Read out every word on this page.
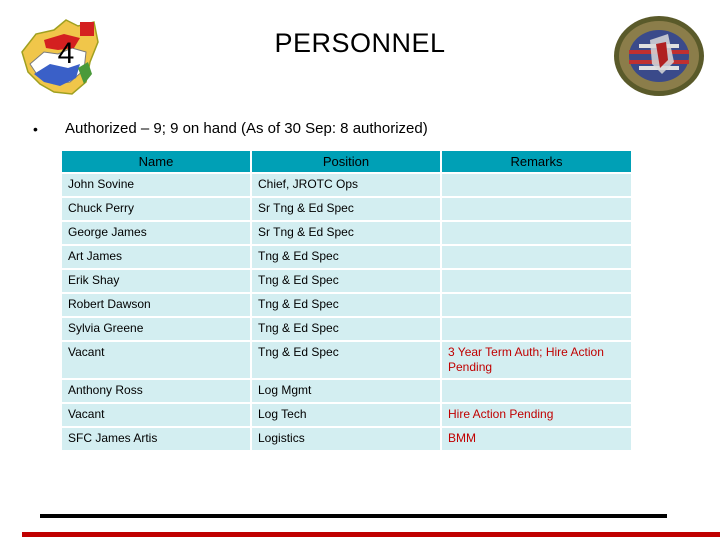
4	PERSONNEL
• Authorized – 9; 9 on hand (As of 30 Sep: 8 authorized)
Name	Position	Remarks
John Sovine	Chief, JROTC Ops	
Chuck Perry	Sr Tng & Ed Spec	
George James	Sr Tng & Ed Spec	
Art James	Tng & Ed Spec	
Erik Shay	Tng & Ed Spec	
Robert Dawson	Tng & Ed Spec	
Sylvia Greene	Tng & Ed Spec	
Vacant	Tng & Ed Spec	3 Year Term Auth; Hire Action Pending
Anthony Ross	Log Mgmt	
Vacant	Log Tech	Hire Action Pending
SFC James Artis	Logistics	BMM
